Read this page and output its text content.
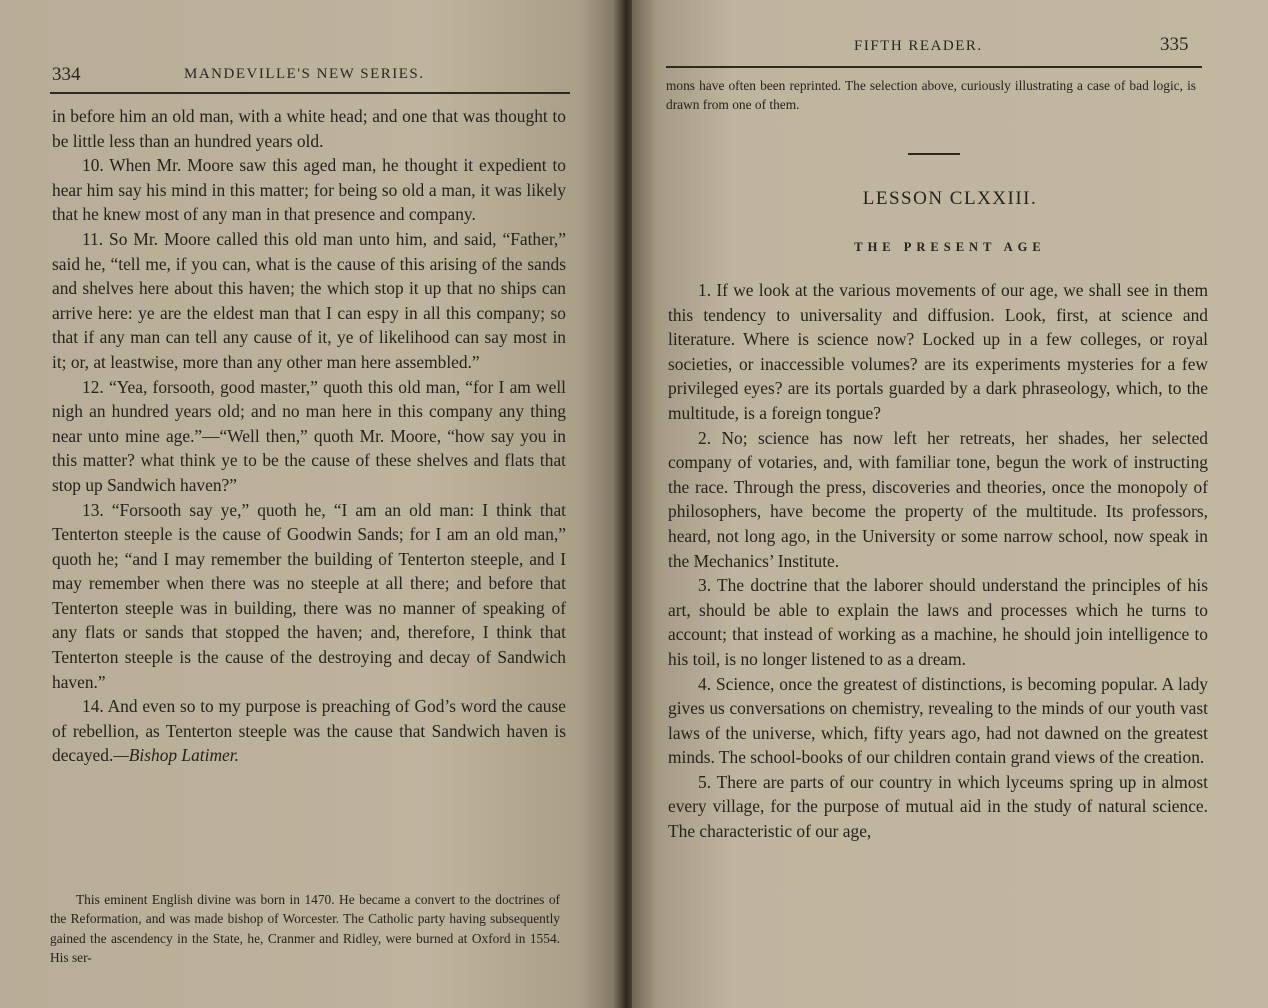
334	MANDEVILLE'S NEW SERIES.

in before him an old man, with a white head; and one that was thought to be little less than an hundred years old.

10. When Mr. Moore saw this aged man, he thought it expedient to hear him say his mind in this matter; for being so old a man, it was likely that he knew most of any man in that presence and company.

11. So Mr. Moore called this old man unto him, and said, “Father,” said he, “tell me, if you can, what is the cause of this arising of the sands and shelves here about this haven; the which stop it up that no ships can arrive here: ye are the eldest man that I can espy in all this company; so that if any man can tell any cause of it, ye of likelihood can say most in it; or, at leastwise, more than any other man here assembled.”

12. “Yea, forsooth, good master,” quoth this old man, “for I am well nigh an hundred years old; and no man here in this company any thing near unto mine age.”—“Well then,” quoth Mr. Moore, “how say you in this matter? what think ye to be the cause of these shelves and flats that stop up Sandwich haven?”

13. “Forsooth say ye,” quoth he, “I am an old man: I think that Tenterton steeple is the cause of Goodwin Sands; for I am an old man,” quoth he; “and I may remember the building of Tenterton steeple, and I may remember when there was no steeple at all there; and before that Tenterton steeple was in building, there was no manner of speaking of any flats or sands that stopped the haven; and, therefore, I think that Tenterton steeple is the cause of the destroying and decay of Sandwich haven.”

14. And even so to my purpose is preaching of God’s word the cause of rebellion, as Tenterton steeple was the cause that Sandwich haven is decayed.—Bishop Latimer.

This eminent English divine was born in 1470. He became a convert to the doctrines of the Reformation, and was made bishop of Worcester. The Catholic party having subsequently gained the ascendency in the State, he, Cranmer and Ridley, were burned at Oxford in 1554. His ser-

FIFTH READER.	335

mons have often been reprinted. The selection above, curiously illustrating a case of bad logic, is drawn from one of them.

LESSON CLXXIII.
THE PRESENT AGE

1. If we look at the various movements of our age, we shall see in them this tendency to universality and diffusion. Look, first, at science and literature. Where is science now? Locked up in a few colleges, or royal societies, or inaccessible volumes? are its experiments mysteries for a few privileged eyes? are its portals guarded by a dark phraseology, which, to the multitude, is a foreign tongue?

2. No; science has now left her retreats, her shades, her selected company of votaries, and, with familiar tone, begun the work of instructing the race. Through the press, discoveries and theories, once the monopoly of philosophers, have become the property of the multitude. Its professors, heard, not long ago, in the University or some narrow school, now speak in the Mechanics’ Institute.

3. The doctrine that the laborer should understand the principles of his art, should be able to explain the laws and processes which he turns to account; that instead of working as a machine, he should join intelligence to his toil, is no longer listened to as a dream.

4. Science, once the greatest of distinctions, is becoming popular. A lady gives us conversations on chemistry, revealing to the minds of our youth vast laws of the universe, which, fifty years ago, had not dawned on the greatest minds. The school-books of our children contain grand views of the creation.

5. There are parts of our country in which lyceums spring up in almost every village, for the purpose of mutual aid in the study of natural science. The characteristic of our age,
